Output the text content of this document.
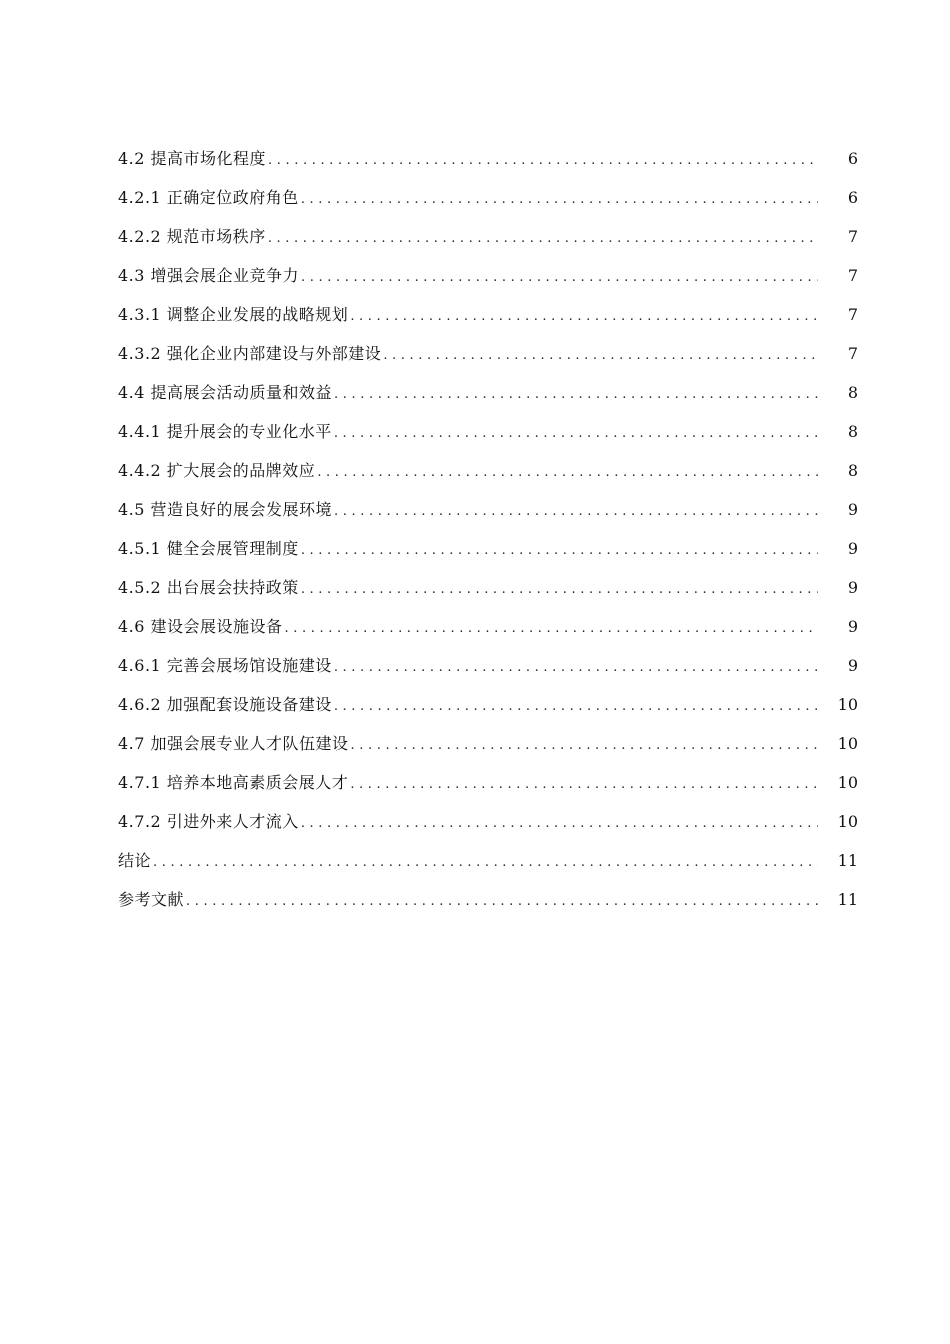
4.2 提高市场化程度 .....	6
4.2.1 正确定位政府角色 .....	6
4.2.2 规范市场秩序 .....	7
4.3 增强会展企业竞争力 .....	7
4.3.1 调整企业发展的战略规划 .....	7
4.3.2 强化企业内部建设与外部建设 .....	7
4.4 提高展会活动质量和效益 .....	8
4.4.1 提升展会的专业化水平 .....	8
4.4.2 扩大展会的品牌效应 .....	8
4.5 营造良好的展会发展环境 .....	9
4.5.1 健全会展管理制度 .....	9
4.5.2 出台展会扶持政策 .....	9
4.6 建设会展设施设备 .....	9
4.6.1 完善会展场馆设施建设 .....	9
4.6.2 加强配套设施设备建设 .....	10
4.7 加强会展专业人才队伍建设 .....	10
4.7.1 培养本地高素质会展人才 .....	10
4.7.2 引进外来人才流入 .....	10
结论 .....	11
参考文献 .....	11
